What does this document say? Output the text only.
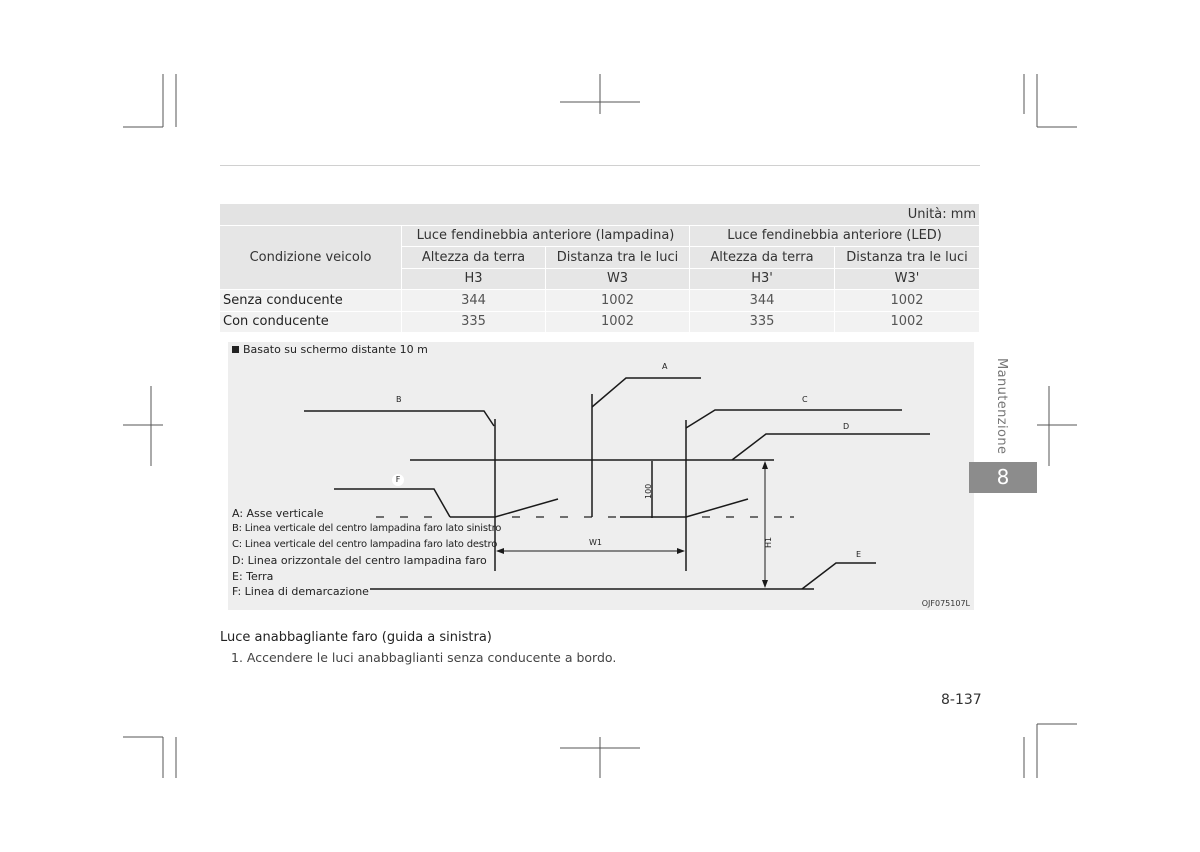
Unità: mm				
Condizione veicolo	Luce fendinebbia anteriore (lampadina)		Luce fendinebbia anteriore (LED)	
	Altezza da terra	Distanza tra le luci	Altezza da terra	Distanza tra le luci
	H3	W3	H3'	W3'
Senza conducente	344	1002	344	1002
Con conducente	335	1002	335	1002
Basato su schermo distante 10 m
A
B	C
D
F
E
W1	H1
100
A: Asse verticale
B: Linea verticale del centro lampadina faro lato sinistro
C: Linea verticale del centro lampadina faro lato destro
D: Linea orizzontale del centro lampadina faro
E: Terra
F: Linea di demarcazione
OJF075107L
Luce anabbagliante faro (guida a sinistra)
1. Accendere le luci anabbaglianti senza conducente a bordo.
Manutenzione
8
8-137
